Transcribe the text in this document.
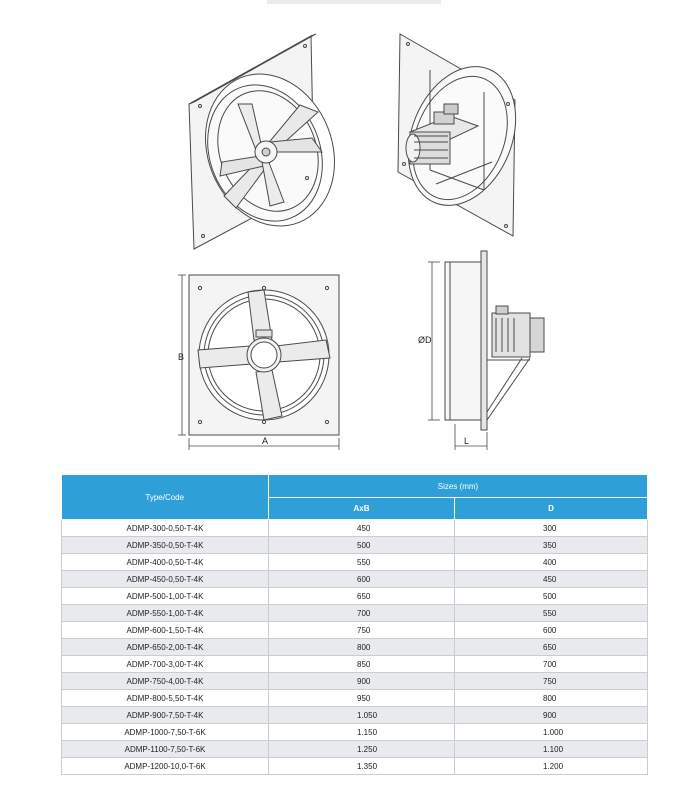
B
A
ØD
L
Type/Code	Sizes (mm)	
	AxB	D
ADMP-300-0,50-T-4K	450	300
ADMP-350-0,50-T-4K	500	350
ADMP-400-0,50-T-4K	550	400
ADMP-450-0,50-T-4K	600	450
ADMP-500-1,00-T-4K	650	500
ADMP-550-1,00-T-4K	700	550
ADMP-600-1,50-T-4K	750	600
ADMP-650-2,00-T-4K	800	650
ADMP-700-3,00-T-4K	850	700
ADMP-750-4,00-T-4K	900	750
ADMP-800-5,50-T-4K	950	800
ADMP-900-7,50-T-4K	1.050	900
ADMP-1000-7,50-T-6K	1.150	1.000
ADMP-1100-7,50-T-6K	1.250	1.100
ADMP-1200-10,0-T-6K	1.350	1.200
